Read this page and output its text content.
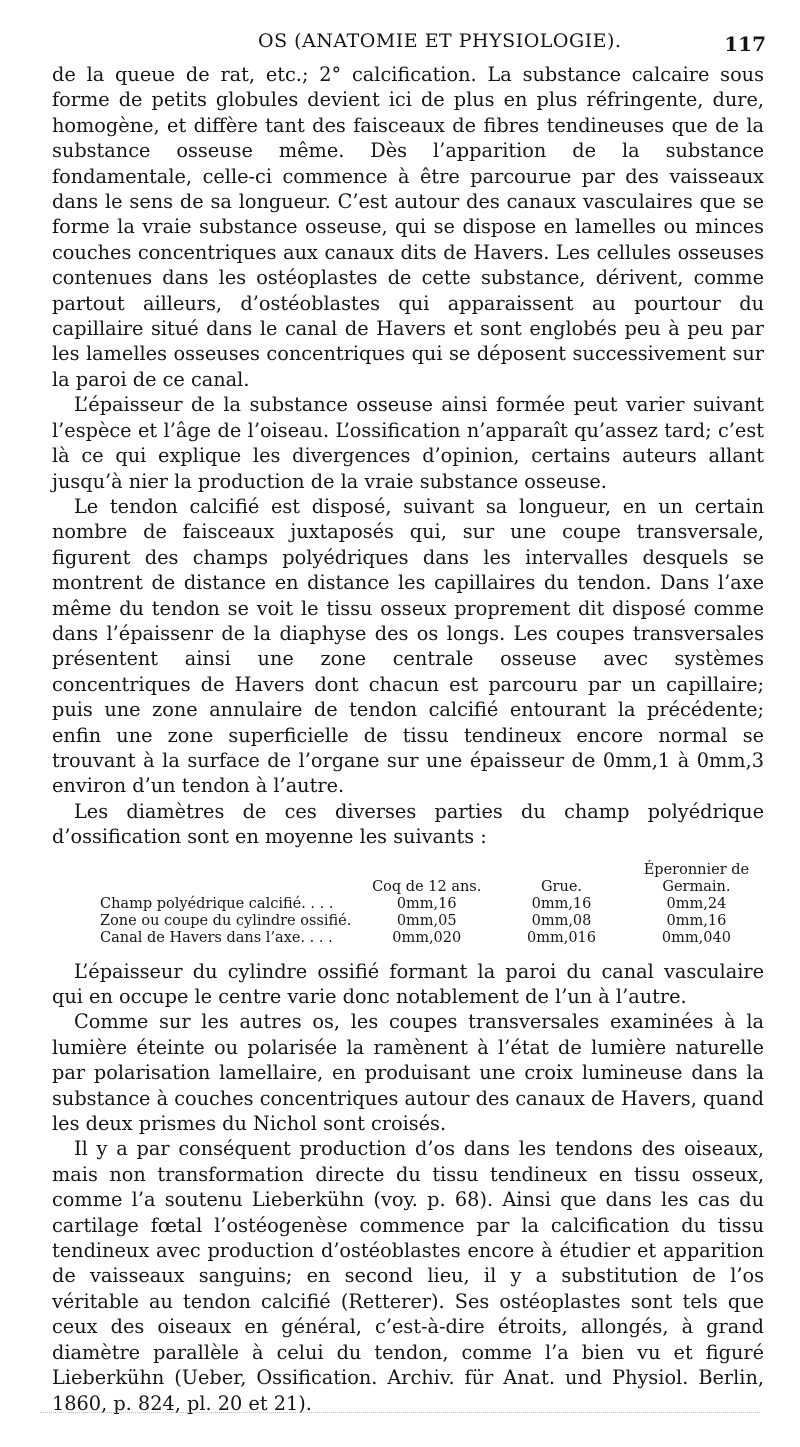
OS (ANATOMIE ET PHYSIOLOGIE).	117

de la queue de rat, etc.; 2° calcification. La substance calcaire sous forme de petits globules devient ici de plus en plus réfringente, dure, homogène, et diffère tant des faisceaux de fibres tendineuses que de la substance osseuse même. Dès l’apparition de la substance fondamentale, celle-ci commence à être parcourue par des vaisseaux dans le sens de sa longueur. C’est autour des canaux vasculaires que se forme la vraie substance osseuse, qui se dispose en lamelles ou minces couches concentriques aux canaux dits de Havers. Les cellules osseuses contenues dans les ostéoplastes de cette substance, dérivent, comme partout ailleurs, d’ostéoblastes qui apparaissent au pourtour du capillaire situé dans le canal de Havers et sont englobés peu à peu par les lamelles osseuses concentriques qui se déposent successivement sur la paroi de ce canal.

L’épaisseur de la substance osseuse ainsi formée peut varier suivant l’espèce et l’âge de l’oiseau. L’ossification n’apparaît qu’assez tard; c’est là ce qui explique les divergences d’opinion, certains auteurs allant jusqu’à nier la production de la vraie substance osseuse.

Le tendon calcifié est disposé, suivant sa longueur, en un certain nombre de faisceaux juxtaposés qui, sur une coupe transversale, figurent des champs polyédriques dans les intervalles desquels se montrent de distance en distance les capillaires du tendon. Dans l’axe même du tendon se voit le tissu osseux proprement dit disposé comme dans l’épaissenr de la diaphyse des os longs. Les coupes transversales présentent ainsi une zone centrale osseuse avec systèmes concentriques de Havers dont chacun est parcouru par un capillaire; puis une zone annulaire de tendon calcifié entourant la précédente; enfin une zone superficielle de tissu tendineux encore normal se trouvant à la surface de l’organe sur une épaisseur de 0mm,1 à 0mm,3 environ d’un tendon à l’autre.

Les diamètres de ces diverses parties du champ polyédrique d’ossification sont en moyenne les suivants :

	Coq de 12 ans.	Grue.	Éperonnier de Germain.
Champ polyédrique calcifié. . . .	0mm,16	0mm,16	0mm,24
Zone ou coupe du cylindre ossifié.	0mm,05	0mm,08	0mm,16
Canal de Havers dans l’axe. . . .	0mm,020	0mm,016	0mm,040

L’épaisseur du cylindre ossifié formant la paroi du canal vasculaire qui en occupe le centre varie donc notablement de l’un à l’autre.

Comme sur les autres os, les coupes transversales examinées à la lumière éteinte ou polarisée la ramènent à l’état de lumière naturelle par polarisation lamellaire, en produisant une croix lumineuse dans la substance à couches concentriques autour des canaux de Havers, quand les deux prismes du Nichol sont croisés.

Il y a par conséquent production d’os dans les tendons des oiseaux, mais non transformation directe du tissu tendineux en tissu osseux, comme l’a soutenu Lieberkühn (voy. p. 68). Ainsi que dans les cas du cartilage fœtal l’ostéogenèse commence par la calcification du tissu tendineux avec production d’ostéoblastes encore à étudier et apparition de vaisseaux sanguins; en second lieu, il y a substitution de l’os véritable au tendon calcifié (Retterer). Ses ostéoplastes sont tels que ceux des oiseaux en général, c’est-à-dire étroits, allongés, à grand diamètre parallèle à celui du tendon, comme l’a bien vu et figuré Lieberkühn (Ueber, Ossification. Archiv. für Anat. und Physiol. Berlin, 1860, p. 824, pl. 20 et 21).
